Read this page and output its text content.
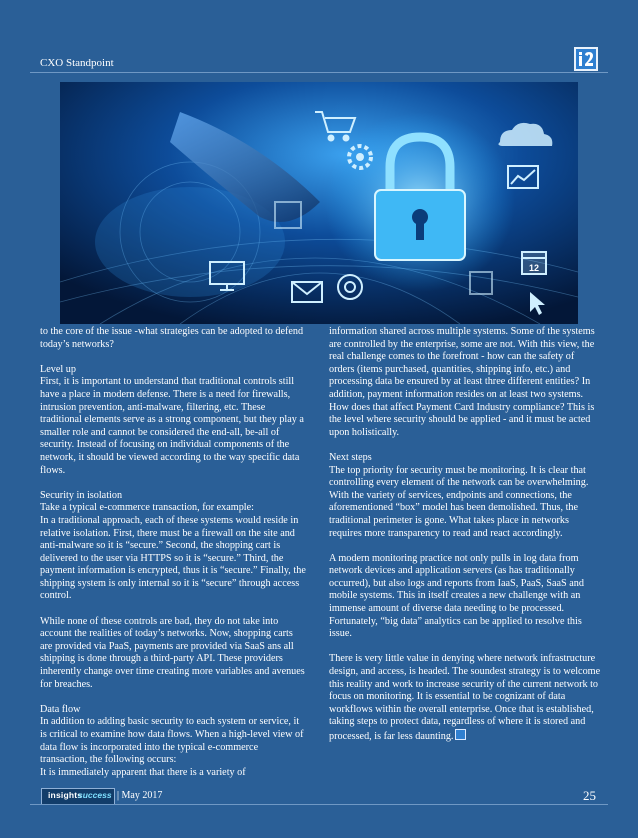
CXO Standpoint
12

to the core of the issue -what strategies can be adopted to defend today’s networks?

Level up

First, it is important to understand that traditional controls still have a place in modern defense. There is a need for firewalls, intrusion prevention, anti-malware, filtering, etc. These traditional elements serve as a strong component, but they play a smaller role and cannot be considered the end-all, be-all of security. Instead of focusing on individual components of the network, it should be viewed according to the way specific data flows.

Security in isolation

Take a typical e-commerce transaction, for example:

In a traditional approach, each of these systems would reside in relative isolation. First, there must be a firewall on the site and anti-malware so it is “secure.” Second, the shopping cart is delivered to the user via HTTPS so it is “secure.” Third, the payment information is encrypted, thus it is “secure.” Finally, the shipping system is only internal so it is “secure” through access control.

While none of these controls are bad, they do not take into account the realities of today’s networks. Now, shopping carts are provided via PaaS, payments are provided via SaaS ans all shipping is done through a third-party API. These providers inherently change over time creating more variables and avenues for breaches.

Data flow

In addition to adding basic security to each system or service, it is critical to examine how data flows. When a high-level view of data flow is incorporated into the typical e-commerce transaction, the following occurs:

It is immediately apparent that there is a variety of

information shared across multiple systems. Some of the systems are controlled by the enterprise, some are not. With this view, the real challenge comes to the forefront - how can the safety of orders (items purchased, quantities, shipping info, etc.) and processing data be ensured by at least three different entities? In addition, payment information resides on at least two systems. How does that affect Payment Card Industry compliance? This is the level where security should be applied - and it must be acted upon holistically.

Next steps

The top priority for security must be monitoring. It is clear that controlling every element of the network can be overwhelming. With the variety of services, endpoints and connections, the aforementioned “box” model has been demolished. Thus, the traditional perimeter is gone. What takes place in networks requires more transparency to read and react accordingly.

A modern monitoring practice not only pulls in log data from network devices and application servers (as has traditionally occurred), but also logs and reports from IaaS, PaaS, SaaS and mobile systems. This in itself creates a new challenge with an immense amount of diverse data needing to be processed. Fortunately, “big data” analytics can be applied to resolve this issue.

There is very little value in denying where network infrastructure design, and access, is headed. The soundest strategy is to welcome this reality and work to increase security of the current network to focus on monitoring. It is essential to be cognizant of data workflows within the overall enterprise. Once that is established, taking steps to protect data, regardless of where it is stored and processed, is far less daunting.

insights
success | May 2017	25
